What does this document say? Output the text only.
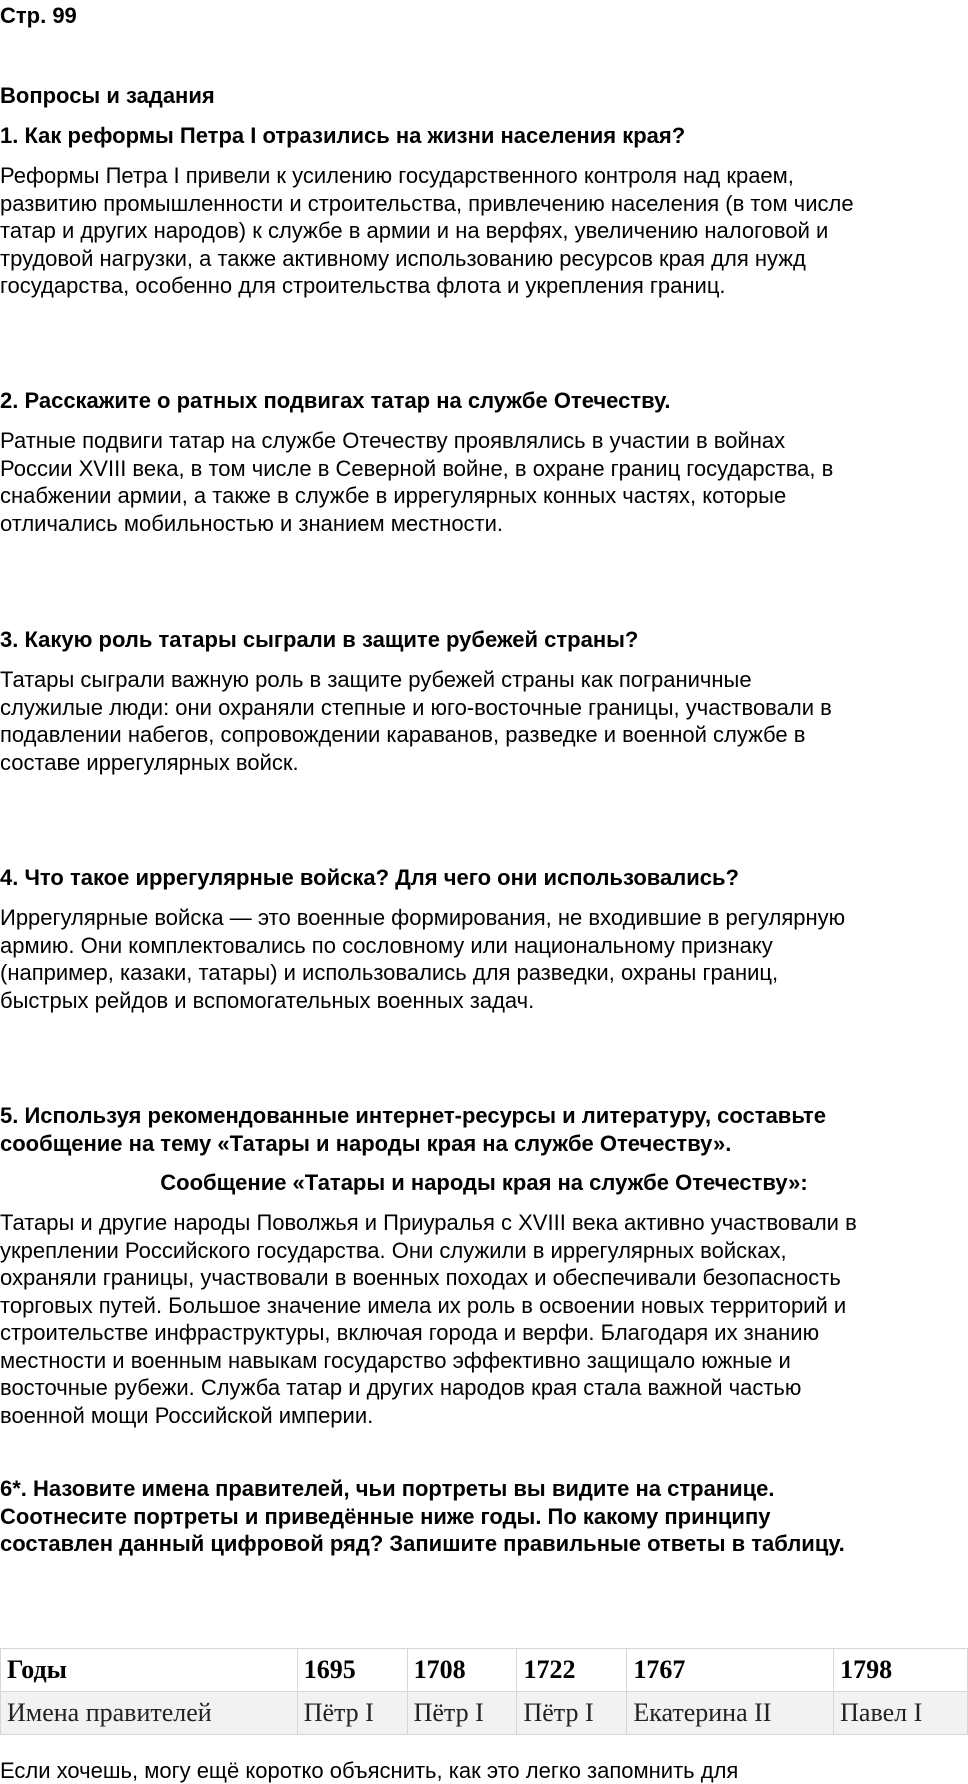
Стр. 99

Вопросы и задания

1. Как реформы Петра I отразились на жизни населения края?

Реформы Петра I привели к усилению государственного контроля над краем,

развитию промышленности и строительства, привлечению населения (в том числе

татар и других народов) к службе в армии и на верфях, увеличению налоговой и

трудовой нагрузки, а также активному использованию ресурсов края для нужд

государства, особенно для строительства флота и укрепления границ.

2. Расскажите о ратных подвигах татар на службе Отечеству.

Ратные подвиги татар на службе Отечеству проявлялись в участии в войнах

России XVIII века, в том числе в Северной войне, в охране границ государства, в

снабжении армии, а также в службе в иррегулярных конных частях, которые

отличались мобильностью и знанием местности.

3. Какую роль татары сыграли в защите рубежей страны?

Татары сыграли важную роль в защите рубежей страны как пограничные

служилые люди: они охраняли степные и юго-восточные границы, участвовали в

подавлении набегов, сопровождении караванов, разведке и военной службе в

составе иррегулярных войск.

4. Что такое иррегулярные войска? Для чего они использовались?

Иррегулярные войска — это военные формирования, не входившие в регулярную

армию. Они комплектовались по сословному или национальному признаку

(например, казаки, татары) и использовались для разведки, охраны границ,

быстрых рейдов и вспомогательных военных задач.

5. Используя рекомендованные интернет-ресурсы и литературу, составьте

сообщение на тему «Татары и народы края на службе Отечеству».

Сообщение «Татары и народы края на службе Отечеству»:

Татары и другие народы Поволжья и Приуралья с XVIII века активно участвовали в

укреплении Российского государства. Они служили в иррегулярных войсках,

охраняли границы, участвовали в военных походах и обеспечивали безопасность

торговых путей. Большое значение имела их роль в освоении новых территорий и

строительстве инфраструктуры, включая города и верфи. Благодаря их знанию

местности и военным навыкам государство эффективно защищало южные и

восточные рубежи. Служба татар и других народов края стала важной частью

военной мощи Российской империи.

6*. Назовите имена правителей, чьи портреты вы видите на странице.

Соотнесите портреты и приведённые ниже годы. По какому принципу

составлен данный цифровой ряд? Запишите правильные ответы в таблицу.

Годы	1695	1708	1722	1767	1798
Имена правителей	Пётр I	Пётр I	Пётр I	Екатерина II	Павел I

Если хочешь, могу ещё коротко объяснить, как это легко запомнить для
